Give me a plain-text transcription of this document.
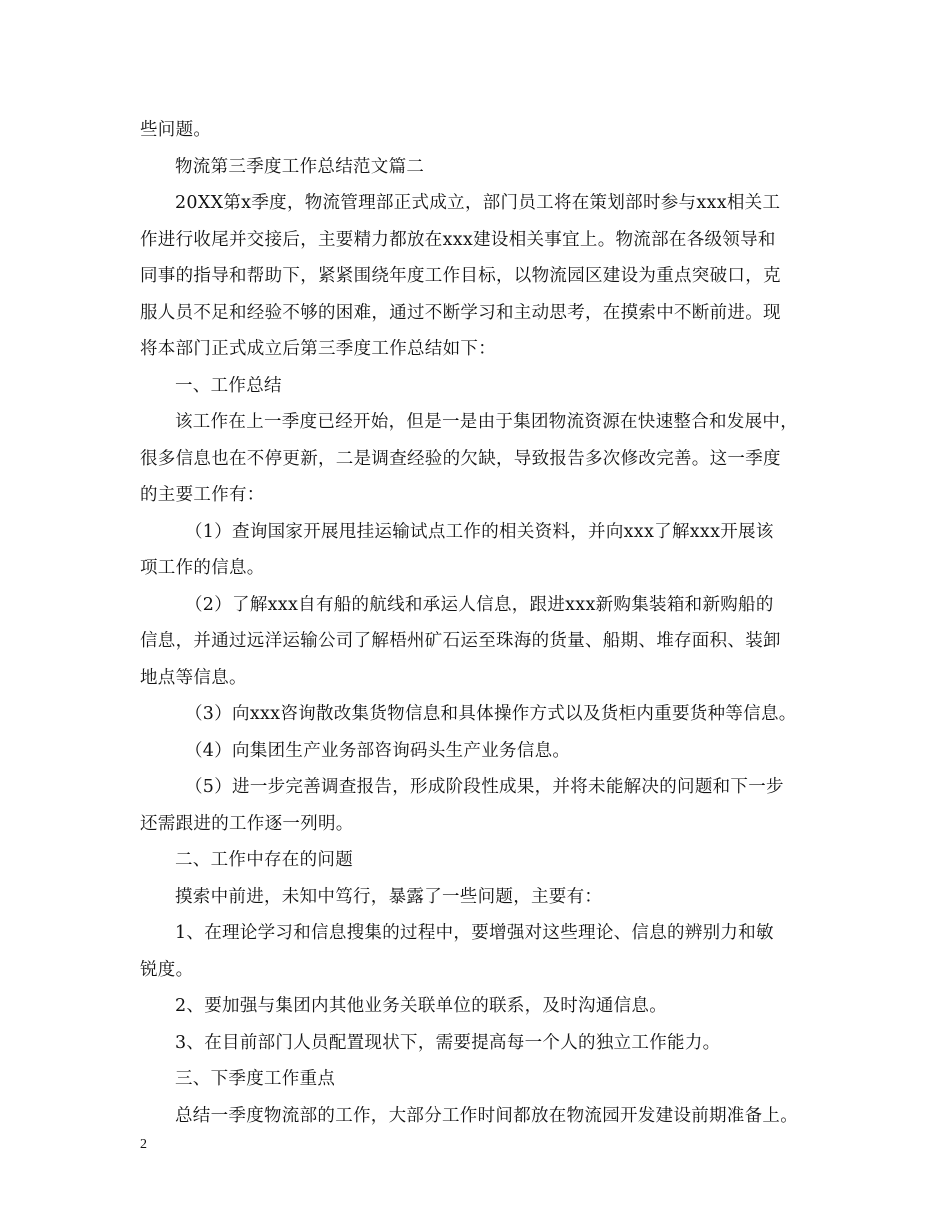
些问题。

物流第三季度工作总结范文篇二

20XX第x季度，物流管理部正式成立，部门员工将在策划部时参与xxx相关工

作进行收尾并交接后，主要精力都放在xxx建设相关事宜上。物流部在各级领导和

同事的指导和帮助下，紧紧围绕年度工作目标，以物流园区建设为重点突破口，克

服人员不足和经验不够的困难，通过不断学习和主动思考，在摸索中不断前进。现

将本部门正式成立后第三季度工作总结如下：

一、工作总结

该工作在上一季度已经开始，但是一是由于集团物流资源在快速整合和发展中，

很多信息也在不停更新，二是调查经验的欠缺，导致报告多次修改完善。这一季度

的主要工作有：

（1）查询国家开展甩挂运输试点工作的相关资料，并向xxx了解xxx开展该

项工作的信息。

（2）了解xxx自有船的航线和承运人信息，跟进xxx新购集装箱和新购船的

信息，并通过远洋运输公司了解梧州矿石运至珠海的货量、船期、堆存面积、装卸

地点等信息。

（3）向xxx咨询散改集货物信息和具体操作方式以及货柜内重要货种等信息。

（4）向集团生产业务部咨询码头生产业务信息。

（5）进一步完善调查报告，形成阶段性成果，并将未能解决的问题和下一步

还需跟进的工作逐一列明。

二、工作中存在的问题

摸索中前进，未知中笃行，暴露了一些问题，主要有：

1、在理论学习和信息搜集的过程中，要增强对这些理论、信息的辨别力和敏

锐度。

2、要加强与集团内其他业务关联单位的联系，及时沟通信息。

3、在目前部门人员配置现状下，需要提高每一个人的独立工作能力。

三、下季度工作重点

总结一季度物流部的工作，大部分工作时间都放在物流园开发建设前期准备上。

2
